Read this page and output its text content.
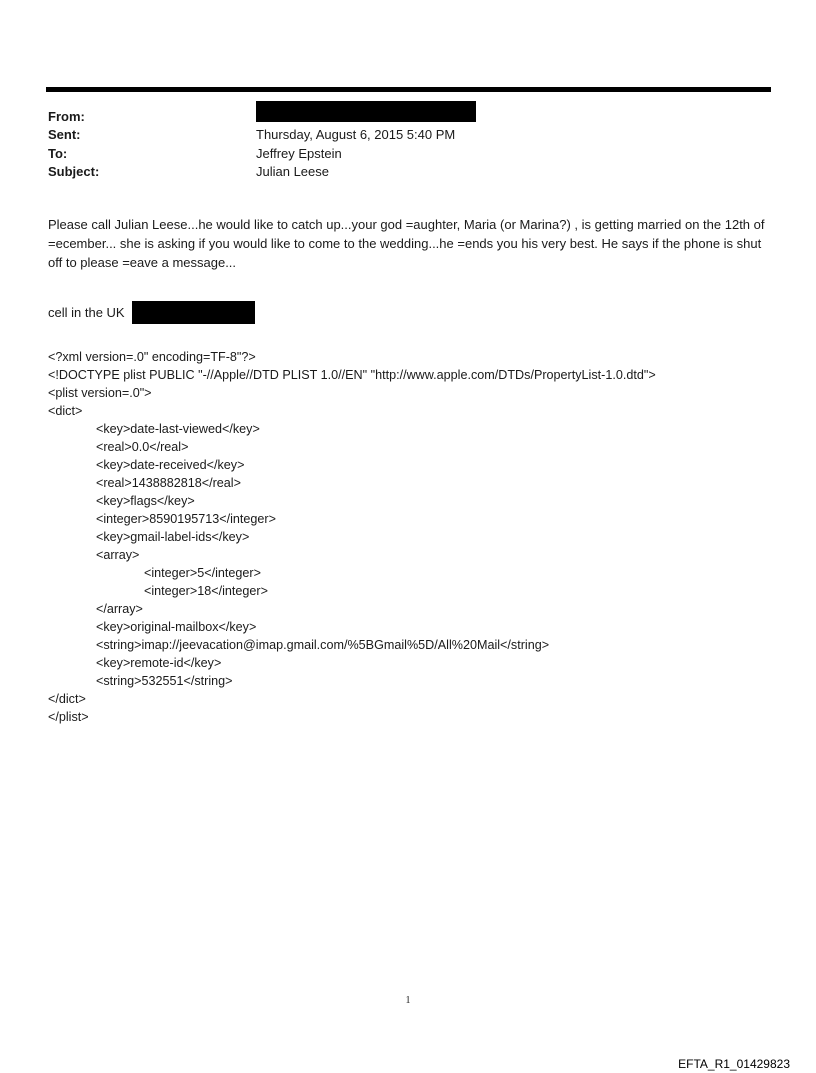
From:
Sent:	Thursday, August 6, 2015 5:40 PM
To:	Jeffrey Epstein
Subject:	Julian Leese

Please call Julian Leese...he would like to catch up...your god =aughter, Maria (or Marina?) , is getting married on the 12th of =ecember... she is asking if you would like to come to the wedding...he =ends you his very best. He says if the phone is shut off to please =eave a message...

cell in the UK
<?xml version=.0" encoding=TF-8"?>
<!DOCTYPE plist PUBLIC "-//Apple//DTD PLIST 1.0//EN" "http://www.apple.com/DTDs/PropertyList-1.0.dtd">
<plist version=.0">
<dict>
<key>date-last-viewed</key>
<real>0.0</real>
<key>date-received</key>
<real>1438882818</real>
<key>flags</key>
<integer>8590195713</integer>
<key>gmail-label-ids</key>
<array>
<integer>5</integer>
<integer>18</integer>
</array>
<key>original-mailbox</key>
<string>imap://jeevacation@imap.gmail.com/%5BGmail%5D/All%20Mail</string>
<key>remote-id</key>
<string>532551</string>
</dict>
</plist>
1
EFTA_R1_01429823
